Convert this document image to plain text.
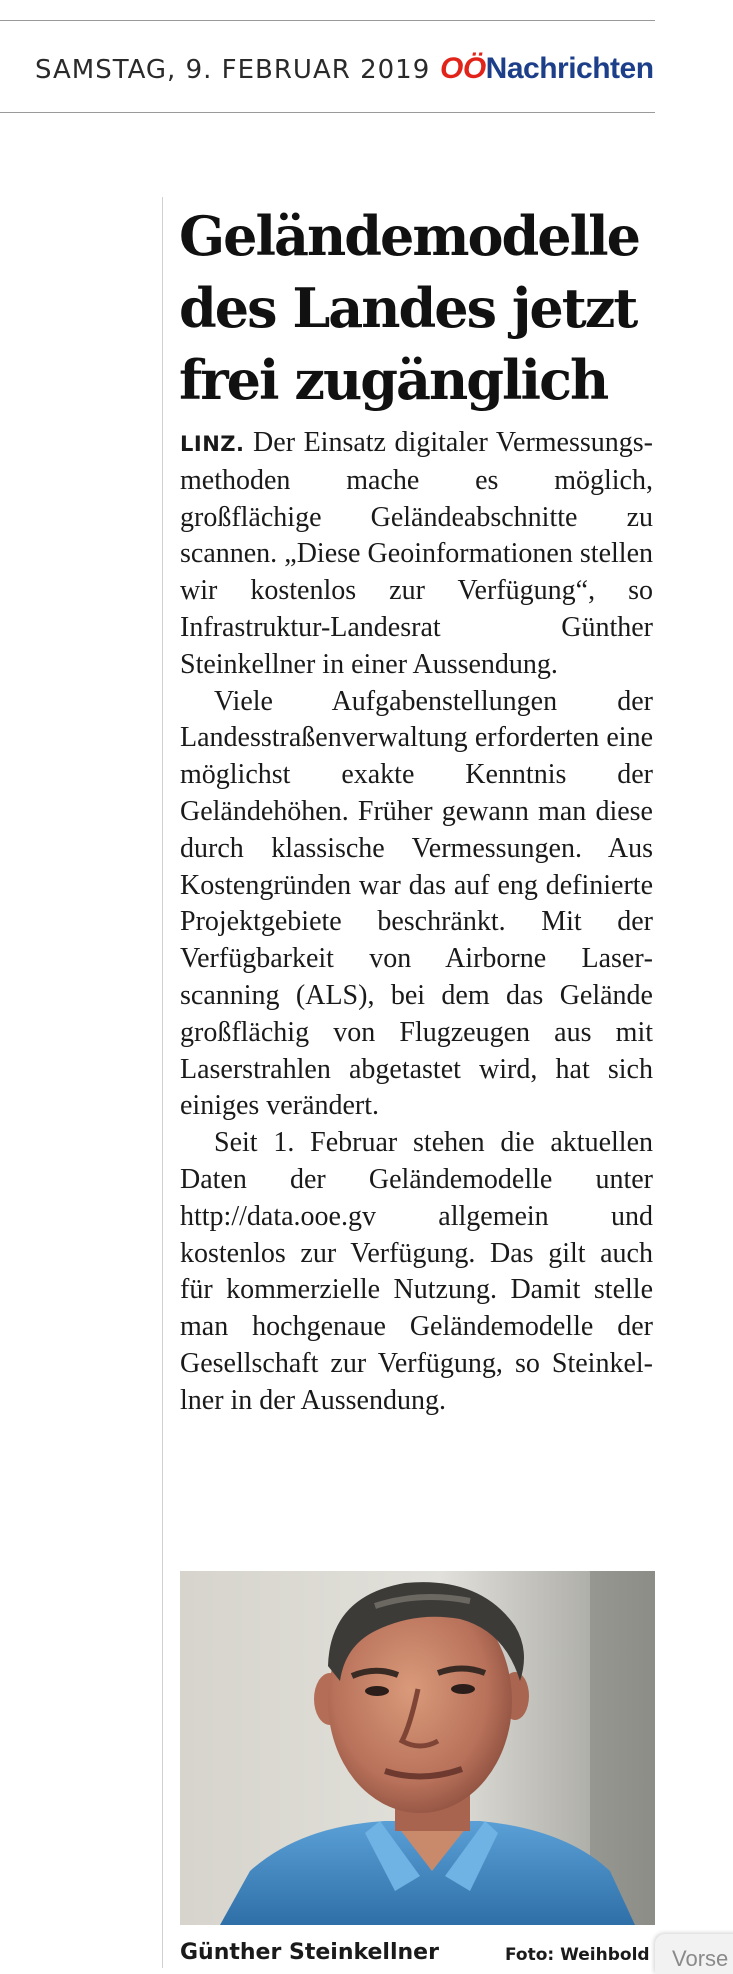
SAMSTAG, 9. FEBRUAR 2019 OÖNachrichten
Geländemodelle
des Landes jetzt
frei zugänglich

LINZ. Der Einsatz digitaler Vermessungsmethoden mache es möglich, großflächige Geländeabschnitte zu scannen. „Diese Geoinformationen stellen wir kostenlos zur Verfügung“, so Infrastruktur-Landesrat Günther Steinkellner in einer Aussendung.

Viele Aufgabenstellungen der Landesstraßenverwaltung erforderten eine möglichst exakte Kenntnis der Geländehöhen. Früher gewann man diese durch klassische Vermessungen. Aus Kostengründen war das auf eng definierte Projektgebiete beschränkt. Mit der Verfügbarkeit von Airborne Laserscanning (ALS), bei dem das Gelände großflächig von Flugzeugen aus mit Laserstrahlen abgetastet wird, hat sich einiges verändert.

Seit 1. Februar stehen die aktuellen Daten der Geländemodelle unter http://data.ooe.gv allgemein und kostenlos zur Verfügung. Das gilt auch für kommerzielle Nutzung. Damit stelle man hochgenaue Geländemodelle der Gesellschaft zur Verfügung, so Steinkellner in der Aussendung.

Günther Steinkellner	Foto: Weihbold Vorse
